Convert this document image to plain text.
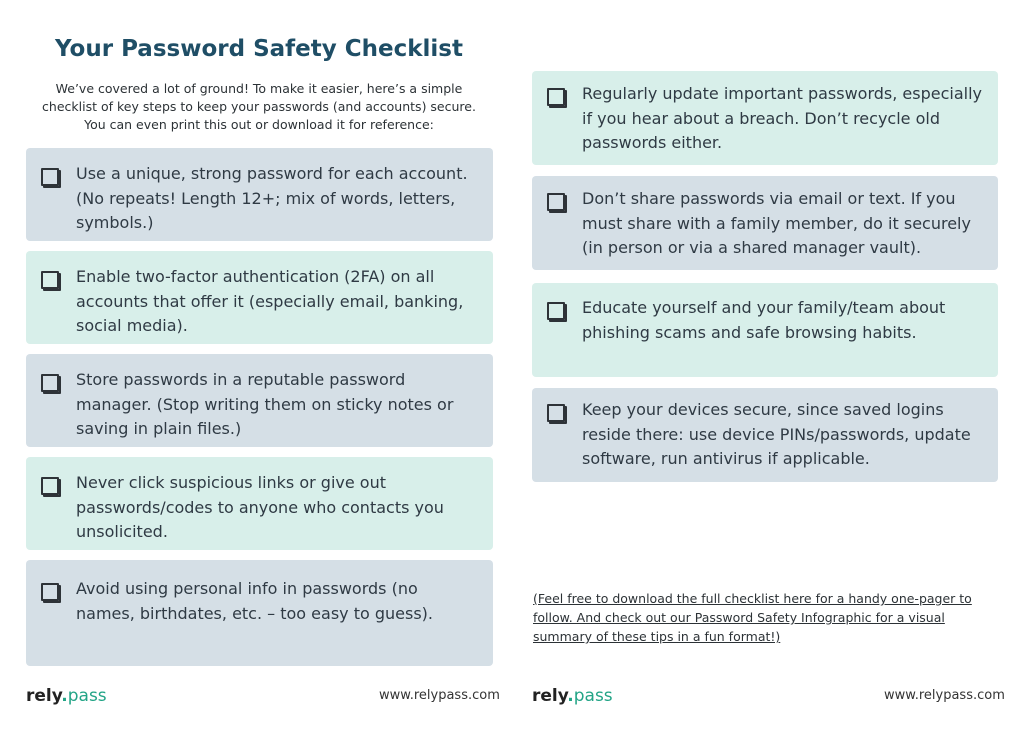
Your Password Safety Checklist
We’ve covered a lot of ground! To make it easier, here’s a simple checklist of key steps to keep your passwords (and accounts) secure. You can even print this out or download it for reference:
Use a unique, strong password for each account. (No repeats! Length 12+; mix of words, letters, symbols.)
Enable two-factor authentication (2FA) on all accounts that offer it (especially email, banking, social media).
Store passwords in a reputable password manager. (Stop writing them on sticky notes or saving in plain files.)
Never click suspicious links or give out passwords/codes to anyone who contacts you unsolicited.
Avoid using personal info in passwords (no names, birthdates, etc. – too easy to guess).
Regularly update important passwords, especially if you hear about a breach. Don’t recycle old passwords either.
Don’t share passwords via email or text. If you must share with a family member, do it securely (in person or via a shared manager vault).
Educate yourself and your family/team about phishing scams and safe browsing habits.
Keep your devices secure, since saved logins reside there: use device PINs/passwords, update software, run antivirus if applicable.
(Feel free to download the full checklist here for a handy one-pager to follow. And check out our Password Safety Infographic for a visual summary of these tips in a fun format!)
rely.pass	www.relypass.com rely.pass	www.relypass.com
